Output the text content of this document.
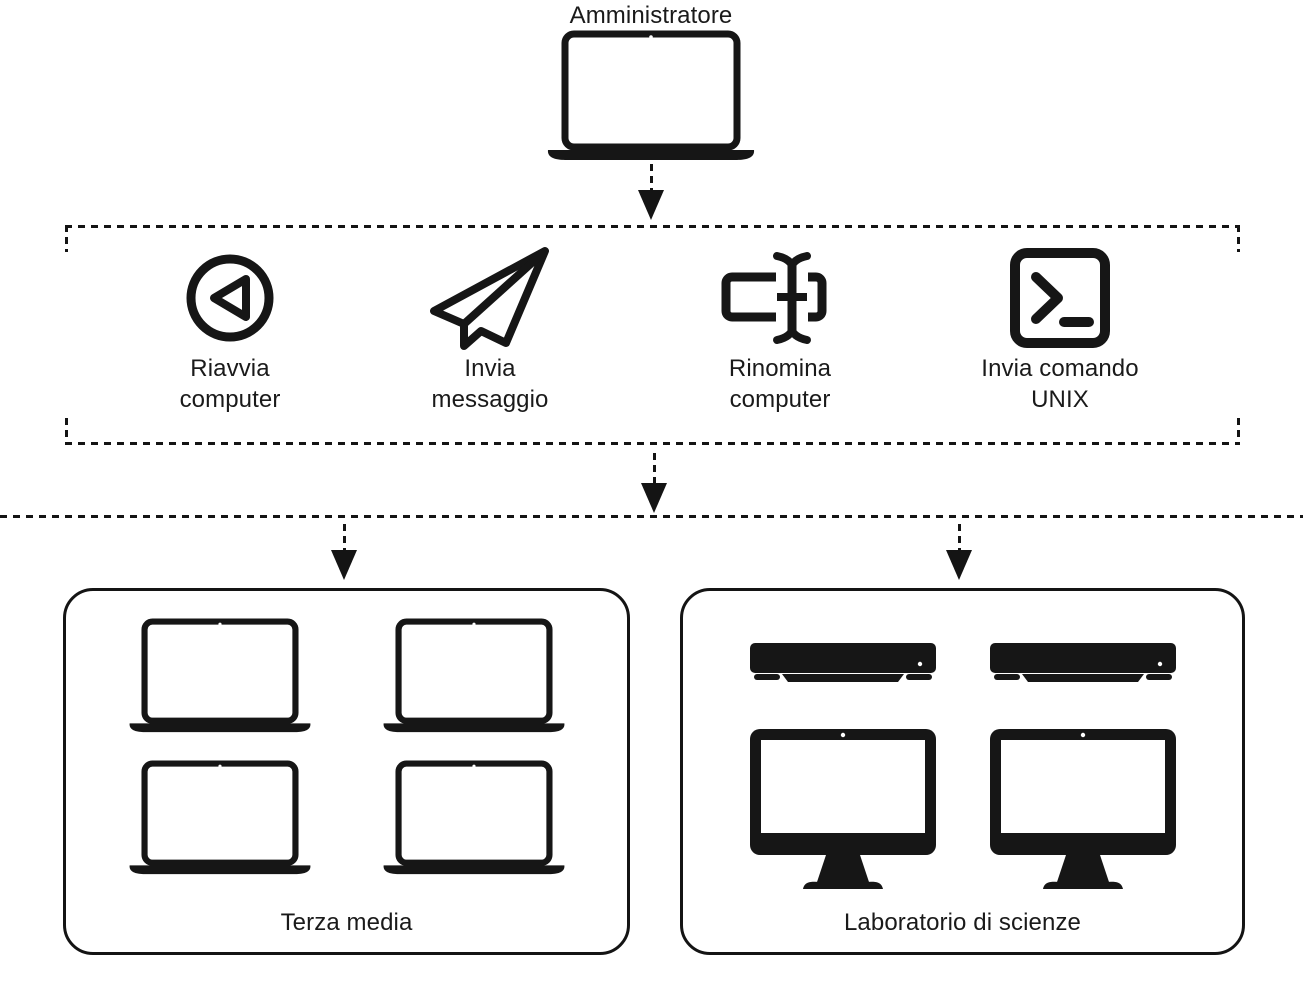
Amministratore
Riavvia
computer
Invia
messaggio
Rinomina
computer
Invia comando
UNIX
Terza media	Laboratorio di scienze
